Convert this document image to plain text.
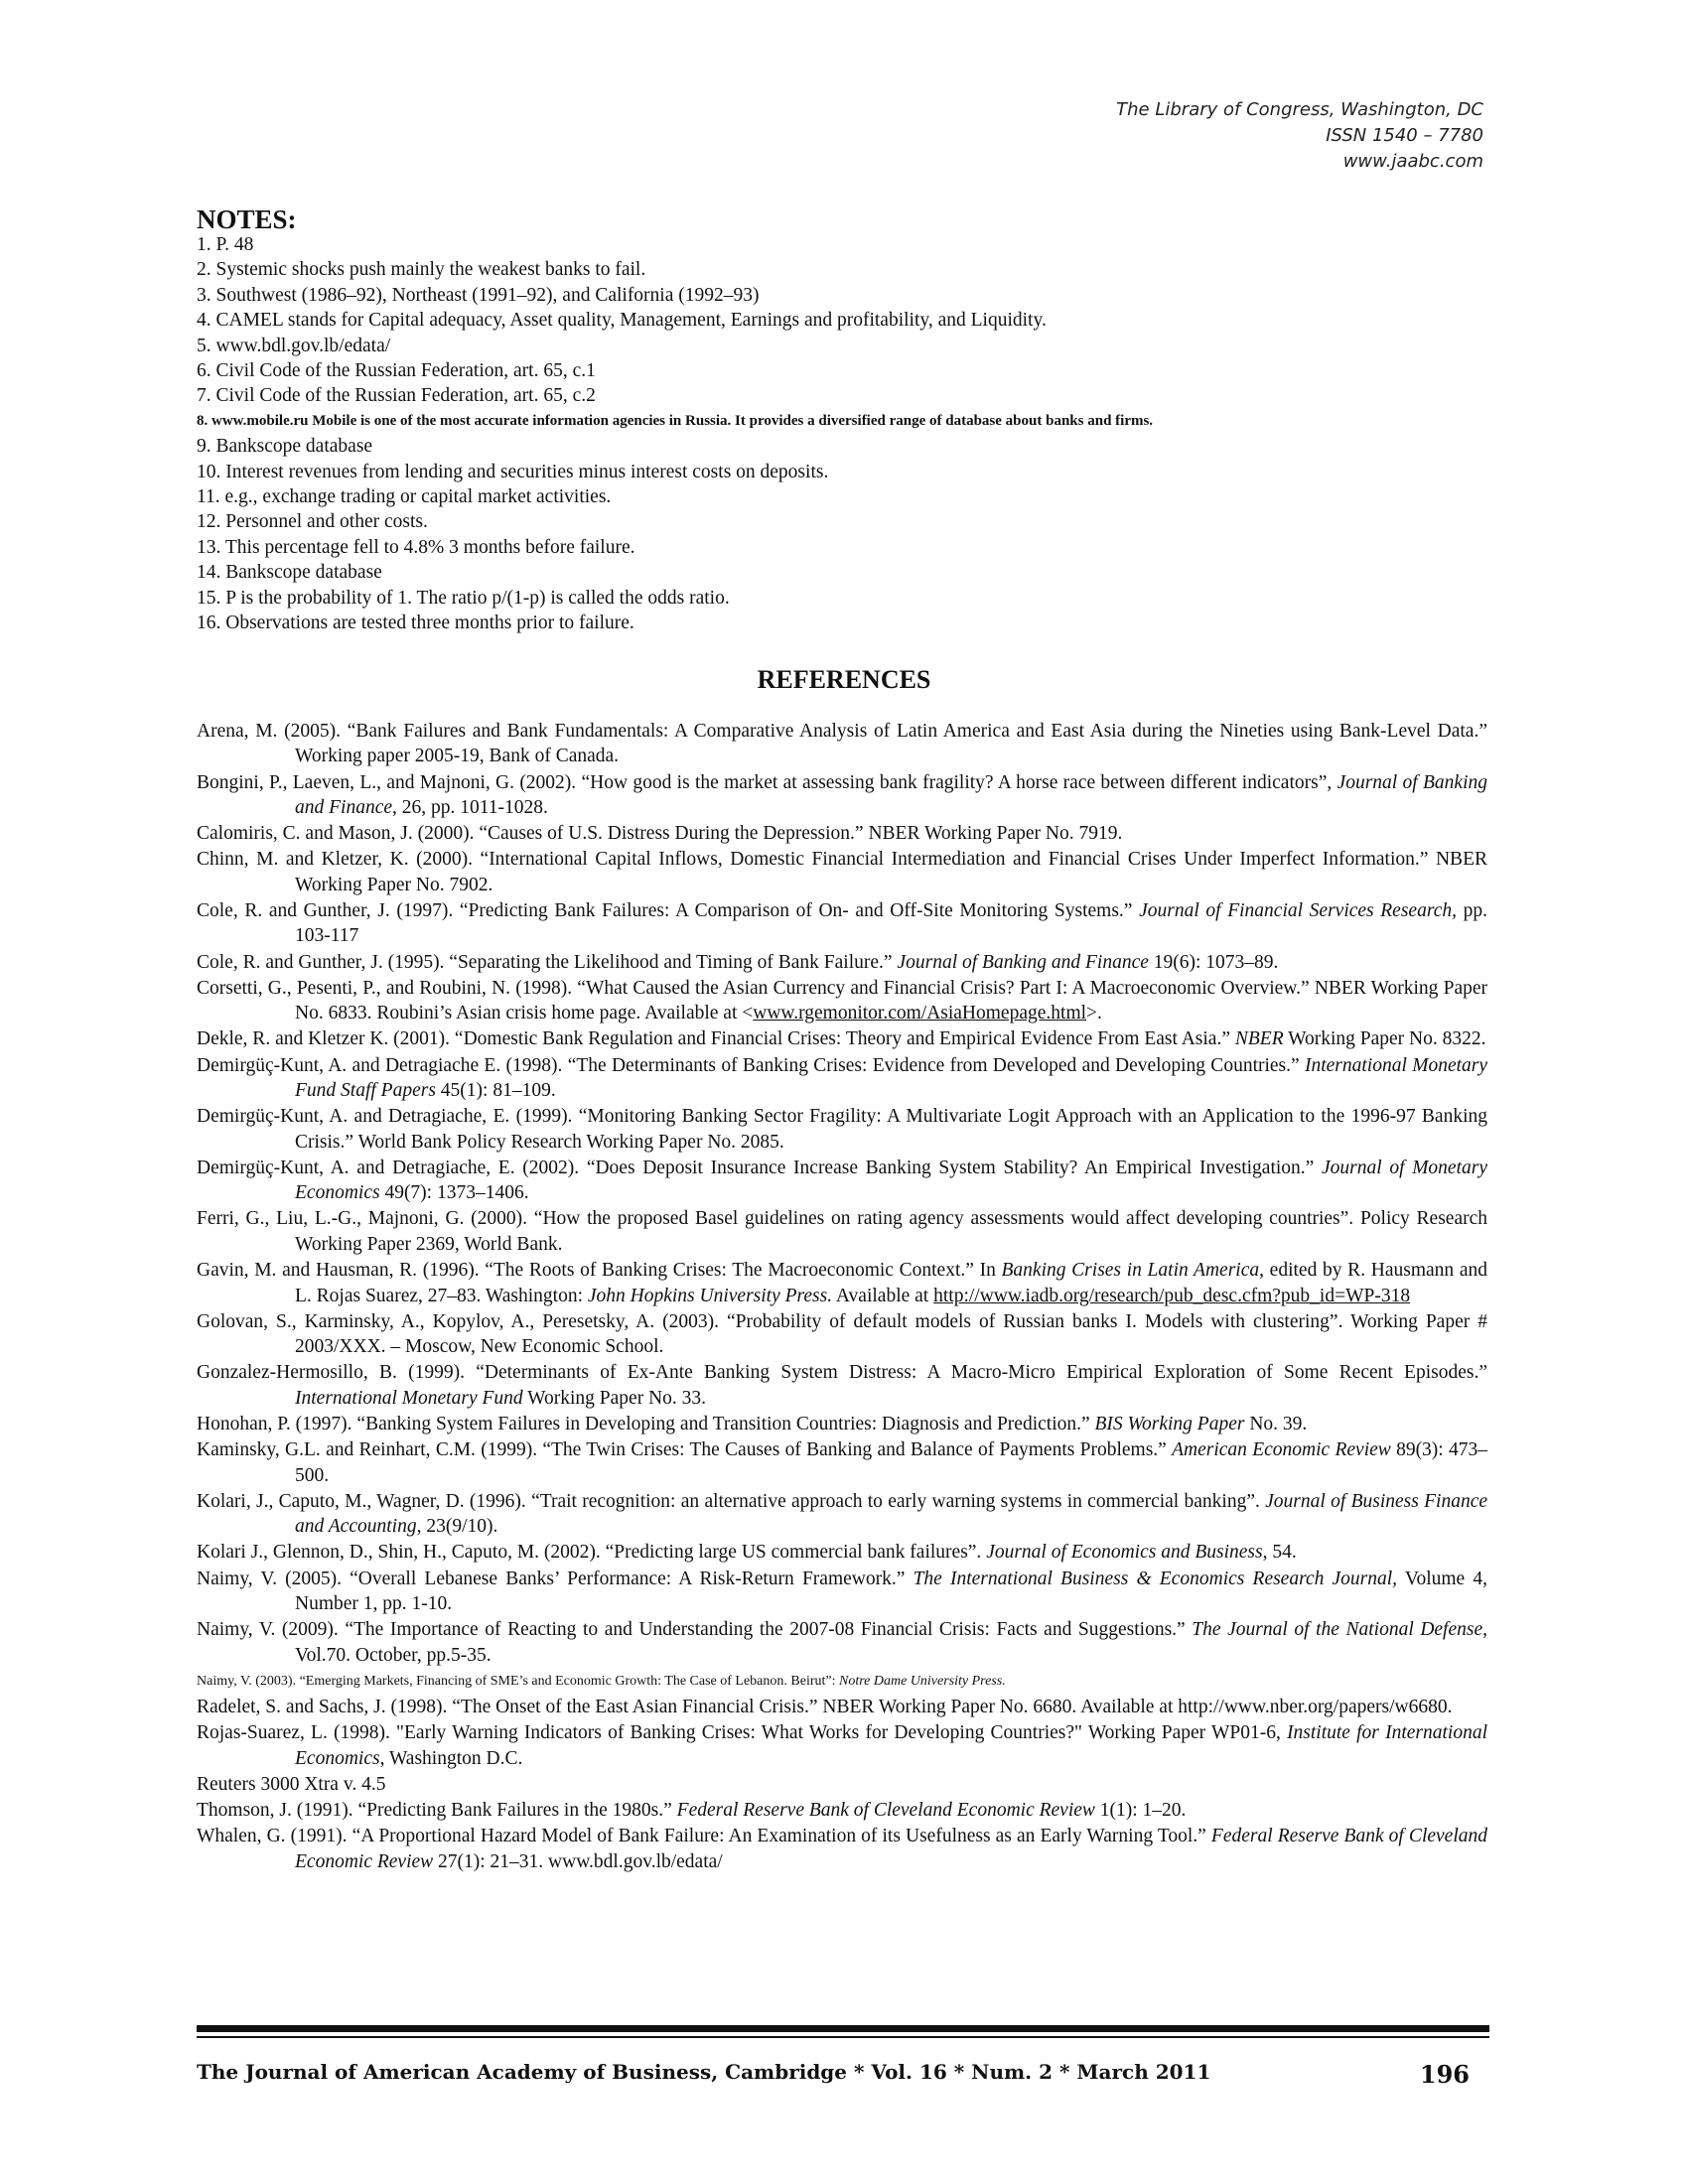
The Library of Congress, Washington, DC
ISSN 1540 – 7780
www.jaabc.com
NOTES:
1. P. 48
2. Systemic shocks push mainly the weakest banks to fail.
3. Southwest (1986–92), Northeast (1991–92), and California (1992–93)
4. CAMEL stands for Capital adequacy, Asset quality, Management, Earnings and profitability, and Liquidity.
5. www.bdl.gov.lb/edata/
6. Civil Code of the Russian Federation, art. 65, c.1
7. Civil Code of the Russian Federation, art. 65, c.2
8. www.mobile.ru Mobile is one of the most accurate information agencies in Russia. It provides a diversified range of database about banks and firms.
9. Bankscope database
10. Interest revenues from lending and securities minus interest costs on deposits.
11. e.g., exchange trading or capital market activities.
12. Personnel and other costs.
13. This percentage fell to 4.8% 3 months before failure.
14. Bankscope database
15. P is the probability of 1. The ratio p/(1-p) is called the odds ratio.
16. Observations are tested three months prior to failure.
REFERENCES
Arena, M. (2005). “Bank Failures and Bank Fundamentals: A Comparative Analysis of Latin America and East Asia during the Nineties using Bank-Level Data.” Working paper 2005-19, Bank of Canada.
Bongini, P., Laeven, L., and Majnoni, G. (2002). “How good is the market at assessing bank fragility? A horse race between different indicators”, Journal of Banking and Finance, 26, pp. 1011-1028.
Calomiris, C. and Mason, J. (2000). “Causes of U.S. Distress During the Depression.” NBER Working Paper No. 7919.
Chinn, M. and Kletzer, K. (2000). “International Capital Inflows, Domestic Financial Intermediation and Financial Crises Under Imperfect Information.” NBER Working Paper No. 7902.
Cole, R. and Gunther, J. (1997). “Predicting Bank Failures: A Comparison of On- and Off-Site Monitoring Systems.” Journal of Financial Services Research, pp. 103-117
Cole, R. and Gunther, J. (1995). “Separating the Likelihood and Timing of Bank Failure.” Journal of Banking and Finance 19(6): 1073–89.
Corsetti, G., Pesenti, P., and Roubini, N. (1998). “What Caused the Asian Currency and Financial Crisis? Part I: A Macroeconomic Overview.” NBER Working Paper No. 6833. Roubini’s Asian crisis home page. Available at <www.rgemonitor.com/AsiaHomepage.html>.
Dekle, R. and Kletzer K. (2001). “Domestic Bank Regulation and Financial Crises: Theory and Empirical Evidence From East Asia.” NBER Working Paper No. 8322.
Demirgüç-Kunt, A. and Detragiache E. (1998). “The Determinants of Banking Crises: Evidence from Developed and Developing Countries.” International Monetary Fund Staff Papers 45(1): 81–109.
Demirgüç-Kunt, A. and Detragiache, E. (1999). “Monitoring Banking Sector Fragility: A Multivariate Logit Approach with an Application to the 1996-97 Banking Crisis.” World Bank Policy Research Working Paper No. 2085.
Demirgüç-Kunt, A. and Detragiache, E. (2002). “Does Deposit Insurance Increase Banking System Stability? An Empirical Investigation.” Journal of Monetary Economics 49(7): 1373–1406.
Ferri, G., Liu, L.-G., Majnoni, G. (2000). “How the proposed Basel guidelines on rating agency assessments would affect developing countries”. Policy Research Working Paper 2369, World Bank.
Gavin, M. and Hausman, R. (1996). “The Roots of Banking Crises: The Macroeconomic Context.” In Banking Crises in Latin America, edited by R. Hausmann and L. Rojas Suarez, 27–83. Washington: John Hopkins University Press. Available at http://www.iadb.org/research/pub_desc.cfm?pub_id=WP-318
Golovan, S., Karminsky, A., Kopylov, A., Peresetsky, A. (2003). “Probability of default models of Russian banks I. Models with clustering”. Working Paper # 2003/XXX. – Moscow, New Economic School.
Gonzalez-Hermosillo, B. (1999). “Determinants of Ex-Ante Banking System Distress: A Macro-Micro Empirical Exploration of Some Recent Episodes.” International Monetary Fund Working Paper No. 33.
Honohan, P. (1997). “Banking System Failures in Developing and Transition Countries: Diagnosis and Prediction.” BIS Working Paper No. 39.
Kaminsky, G.L. and Reinhart, C.M. (1999). “The Twin Crises: The Causes of Banking and Balance of Payments Problems.” American Economic Review 89(3): 473–500.
Kolari, J., Caputo, M., Wagner, D. (1996). “Trait recognition: an alternative approach to early warning systems in commercial banking”. Journal of Business Finance and Accounting, 23(9/10).
Kolari J., Glennon, D., Shin, H., Caputo, M. (2002). “Predicting large US commercial bank failures”. Journal of Economics and Business, 54.
Naimy, V. (2005). “Overall Lebanese Banks’ Performance: A Risk-Return Framework.” The International Business & Economics Research Journal, Volume 4, Number 1, pp. 1-10.
Naimy, V. (2009). “The Importance of Reacting to and Understanding the 2007-08 Financial Crisis: Facts and Suggestions.” The Journal of the National Defense, Vol.70. October, pp.5-35.
Naimy, V. (2003). “Emerging Markets, Financing of SME’s and Economic Growth: The Case of Lebanon. Beirut”: Notre Dame University Press.
Radelet, S. and Sachs, J. (1998). “The Onset of the East Asian Financial Crisis.” NBER Working Paper No. 6680. Available at http://www.nber.org/papers/w6680.
Rojas-Suarez, L. (1998). "Early Warning Indicators of Banking Crises: What Works for Developing Countries?" Working Paper WP01-6, Institute for International Economics, Washington D.C.
Reuters 3000 Xtra v. 4.5
Thomson, J. (1991). “Predicting Bank Failures in the 1980s.” Federal Reserve Bank of Cleveland Economic Review 1(1): 1–20.
Whalen, G. (1991). “A Proportional Hazard Model of Bank Failure: An Examination of its Usefulness as an Early Warning Tool.” Federal Reserve Bank of Cleveland Economic Review 27(1): 21–31. www.bdl.gov.lb/edata/
The Journal of American Academy of Business, Cambridge * Vol. 16 * Num. 2 * March 2011	196
